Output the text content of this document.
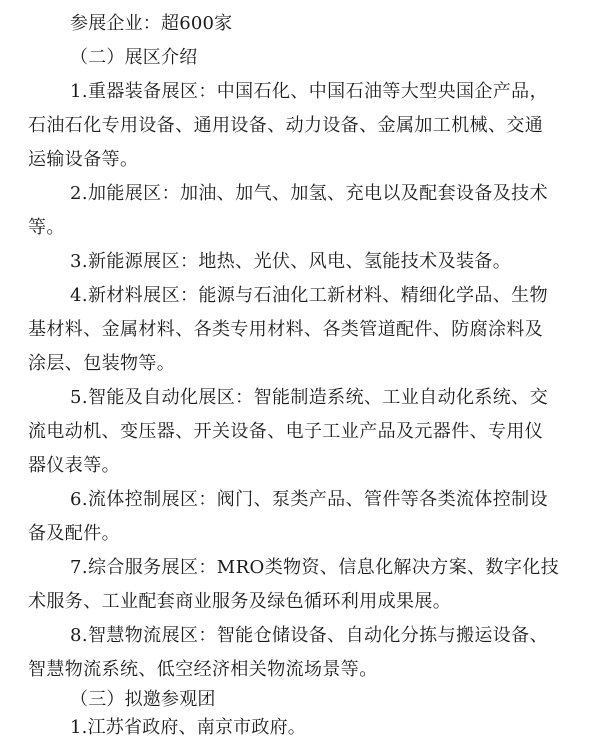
参展企业：超600家
（二）展区介绍
1.重器装备展区：中国石化、中国石油等大型央国企产品，
石油石化专用设备、通用设备、动力设备、金属加工机械、交通
运输设备等。
2.加能展区：加油、加气、加氢、充电以及配套设备及技术
等。
3.新能源展区：地热、光伏、风电、氢能技术及装备。
4.新材料展区：能源与石油化工新材料、精细化学品、生物
基材料、金属材料、各类专用材料、各类管道配件、防腐涂料及
涂层、包装物等。
5.智能及自动化展区：智能制造系统、工业自动化系统、交
流电动机、变压器、开关设备、电子工业产品及元器件、专用仪
器仪表等。
6.流体控制展区：阀门、泵类产品、管件等各类流体控制设
备及配件。
7.综合服务展区：MRO类物资、信息化解决方案、数字化技
术服务、工业配套商业服务及绿色循环利用成果展。
8.智慧物流展区：智能仓储设备、自动化分拣与搬运设备、
智慧物流系统、低空经济相关物流场景等。
（三）拟邀参观团
1.江苏省政府、南京市政府。
